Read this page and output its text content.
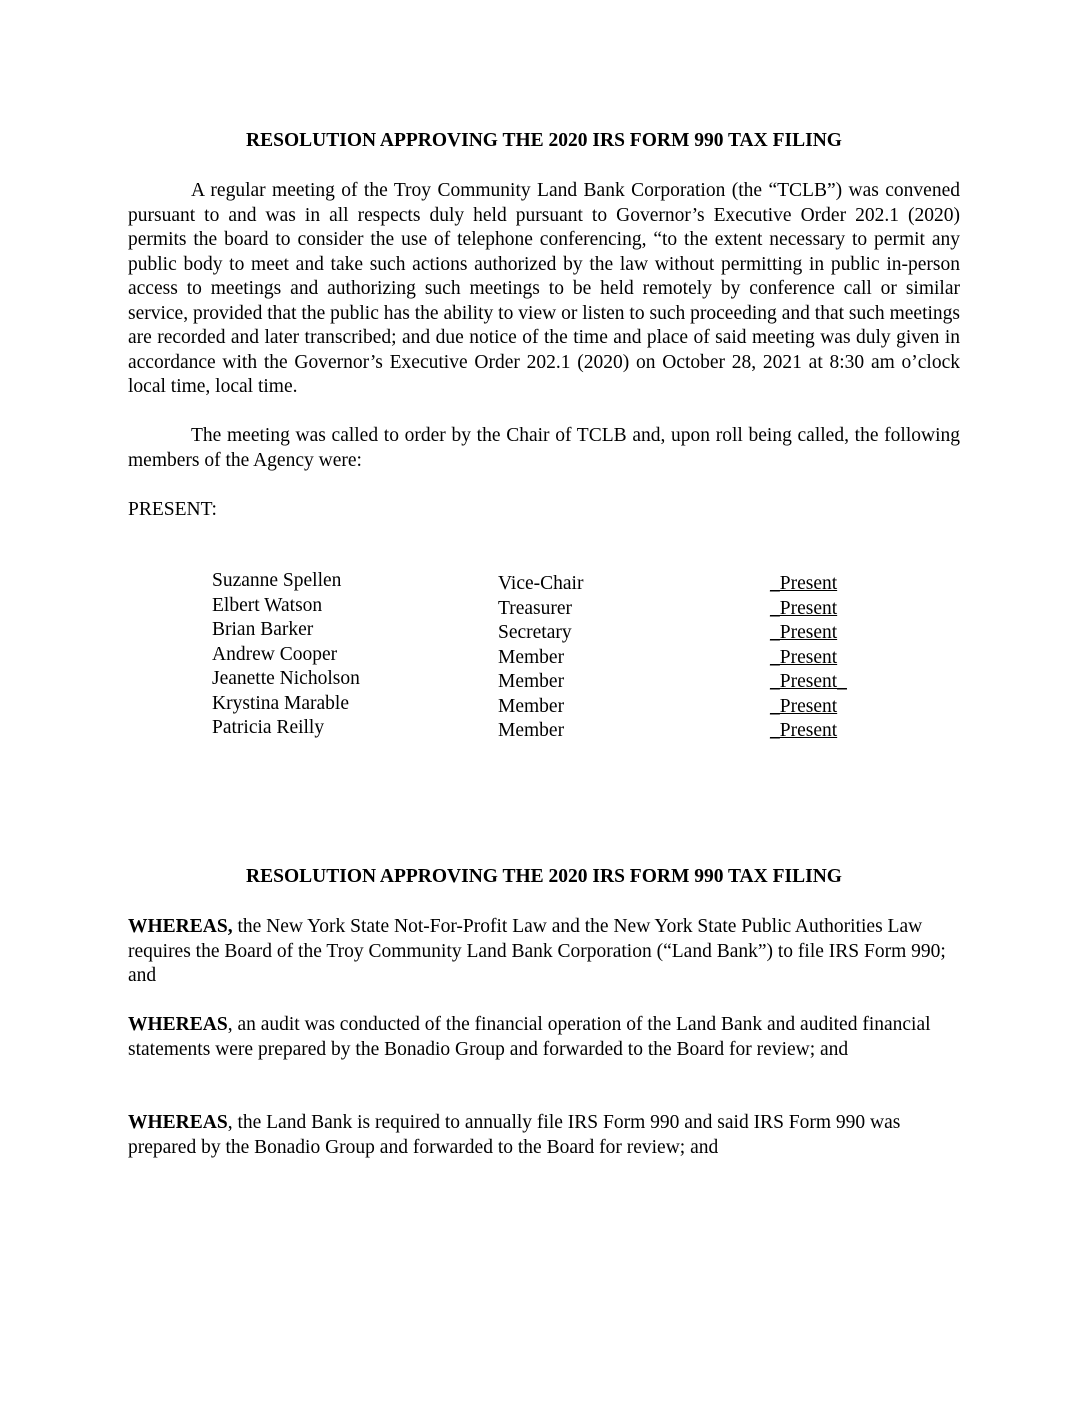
RESOLUTION APPROVING THE 2020 IRS FORM 990 TAX FILING
A regular meeting of the Troy Community Land Bank Corporation (the “TCLB”) was convened pursuant to and was in all respects duly held pursuant to Governor’s Executive Order 202.1 (2020) permits the board to consider the use of telephone conferencing, “to the extent necessary to permit any public body to meet and take such actions authorized by the law without permitting in public in-person access to meetings and authorizing such meetings to be held remotely by conference call or similar service, provided that the public has the ability to view or listen to such proceeding and that such meetings are recorded and later transcribed; and due notice of the time and place of said meeting was duly given in accordance with the Governor’s Executive Order 202.1 (2020) on October 28, 2021 at 8:30 am o’clock local time, local time.
The meeting was called to order by the Chair of TCLB and, upon roll being called, the following members of the Agency were:
PRESENT:
Suzanne Spellen	Vice-Chair	_Present
Elbert Watson	Treasurer	_Present
Brian Barker	Secretary	_Present
Andrew Cooper	Member	_Present
Jeanette Nicholson	Member	_Present_
Krystina Marable	Member	_Present
Patricia Reilly	Member	_Present
RESOLUTION APPROVING THE 2020 IRS FORM 990 TAX FILING
WHEREAS, the New York State Not-For-Profit Law and the New York State Public Authorities Law requires the Board of the Troy Community Land Bank Corporation (“Land Bank”) to file IRS Form 990; and
WHEREAS, an audit was conducted of the financial operation of the Land Bank and audited financial statements were prepared by the Bonadio Group and forwarded to the Board for review; and
WHEREAS, the Land Bank is required to annually file IRS Form 990 and said IRS Form 990 was prepared by the Bonadio Group and forwarded to the Board for review; and
